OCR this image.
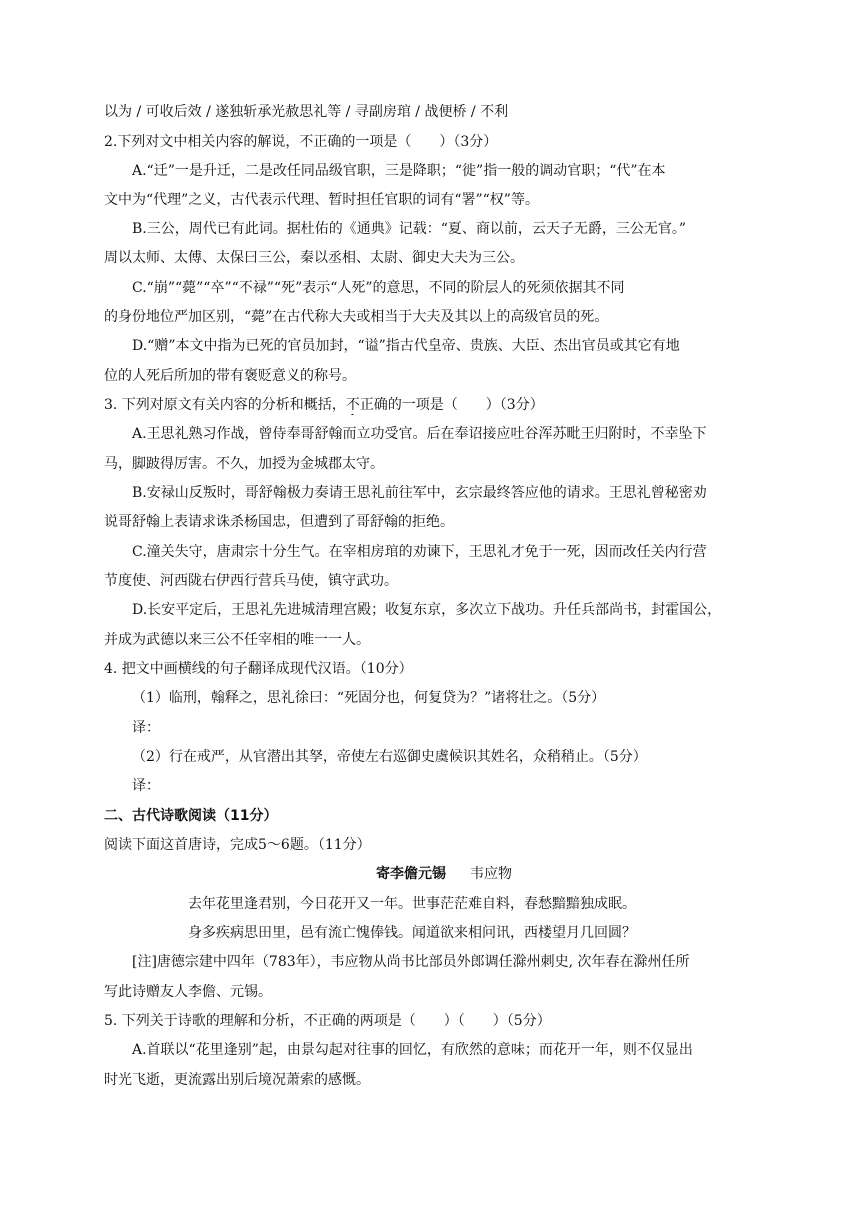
以为 / 可收后效 / 遂独斩承光赦思礼等 / 寻副房琯 / 战便桥 / 不利
2.下列对文中相关内容的解说，不正确的一项是（　　）（3分）
A.“迁”一是升迁，二是改任同品级官职，三是降职；“徙”指一般的调动官职；“代”在本
文中为“代理”之义，古代表示代理、暂时担任官职的词有“署”“权”等。
B.三公，周代已有此词。据杜佑的《通典》记载：“夏、商以前，云天子无爵，三公无官。”
周以太师、太傅、太保曰三公，秦以丞相、太尉、御史大夫为三公。
C.“崩”“薨”“卒”“不禄”“死”表示“人死”的意思，不同的阶层人的死须依据其不同
的身份地位严加区别，“薨”在古代称大夫或相当于大夫及其以上的高级官员的死。
D.“赠”本文中指为已死的官员加封，“谥”指古代皇帝、贵族、大臣、杰出官员或其它有地
位的人死后所加的带有褒贬意义的称号。
3. 下列对原文有关内容的分析和概括，不正确的一项是（　　）（3分）
A.王思礼熟习作战，曾侍奉哥舒翰而立功受官。后在奉诏接应吐谷浑苏毗王归附时，不幸坠下
马，脚跛得厉害。不久，加授为金城郡太守。
B.安禄山反叛时，哥舒翰极力奏请王思礼前往军中，玄宗最终答应他的请求。王思礼曾秘密劝
说哥舒翰上表请求诛杀杨国忠，但遭到了哥舒翰的拒绝。
C.潼关失守，唐肃宗十分生气。在宰相房琯的劝谏下，王思礼才免于一死，因而改任关内行营
节度使、河西陇右伊西行营兵马使，镇守武功。
D.长安平定后，王思礼先进城清理宫殿；收复东京，多次立下战功。升任兵部尚书，封霍国公，
并成为武德以来三公不任宰相的唯一一人。
4. 把文中画横线的句子翻译成现代汉语。（10分）
（1）临刑，翰释之，思礼徐曰：“死固分也，何复贷为？”诸将壮之。（5分）
译：
（2）行在戒严，从官潜出其孥，帝使左右巡御史虞候识其姓名，众稍稍止。（5分）
译：
二、古代诗歌阅读（11分）
阅读下面这首唐诗，完成5～6题。（11分）
寄李儋元锡 韦应物
去年花里逢君别，今日花开又一年。世事茫茫难自料，春愁黯黯独成眠。
身多疾病思田里，邑有流亡愧俸钱。闻道欲来相问讯，西楼望月几回圆？
[注]唐德宗建中四年（783年），韦应物从尚书比部员外郎调任滁州刺史, 次年春在滁州任所
写此诗赠友人李儋、元锡。
5. 下列关于诗歌的理解和分析，不正确的两项是（　　）（　　）（5分）
A.首联以“花里逢别”起，由景勾起对往事的回忆，有欣然的意味；而花开一年，则不仅显出
时光飞逝，更流露出别后境况萧索的感慨。
